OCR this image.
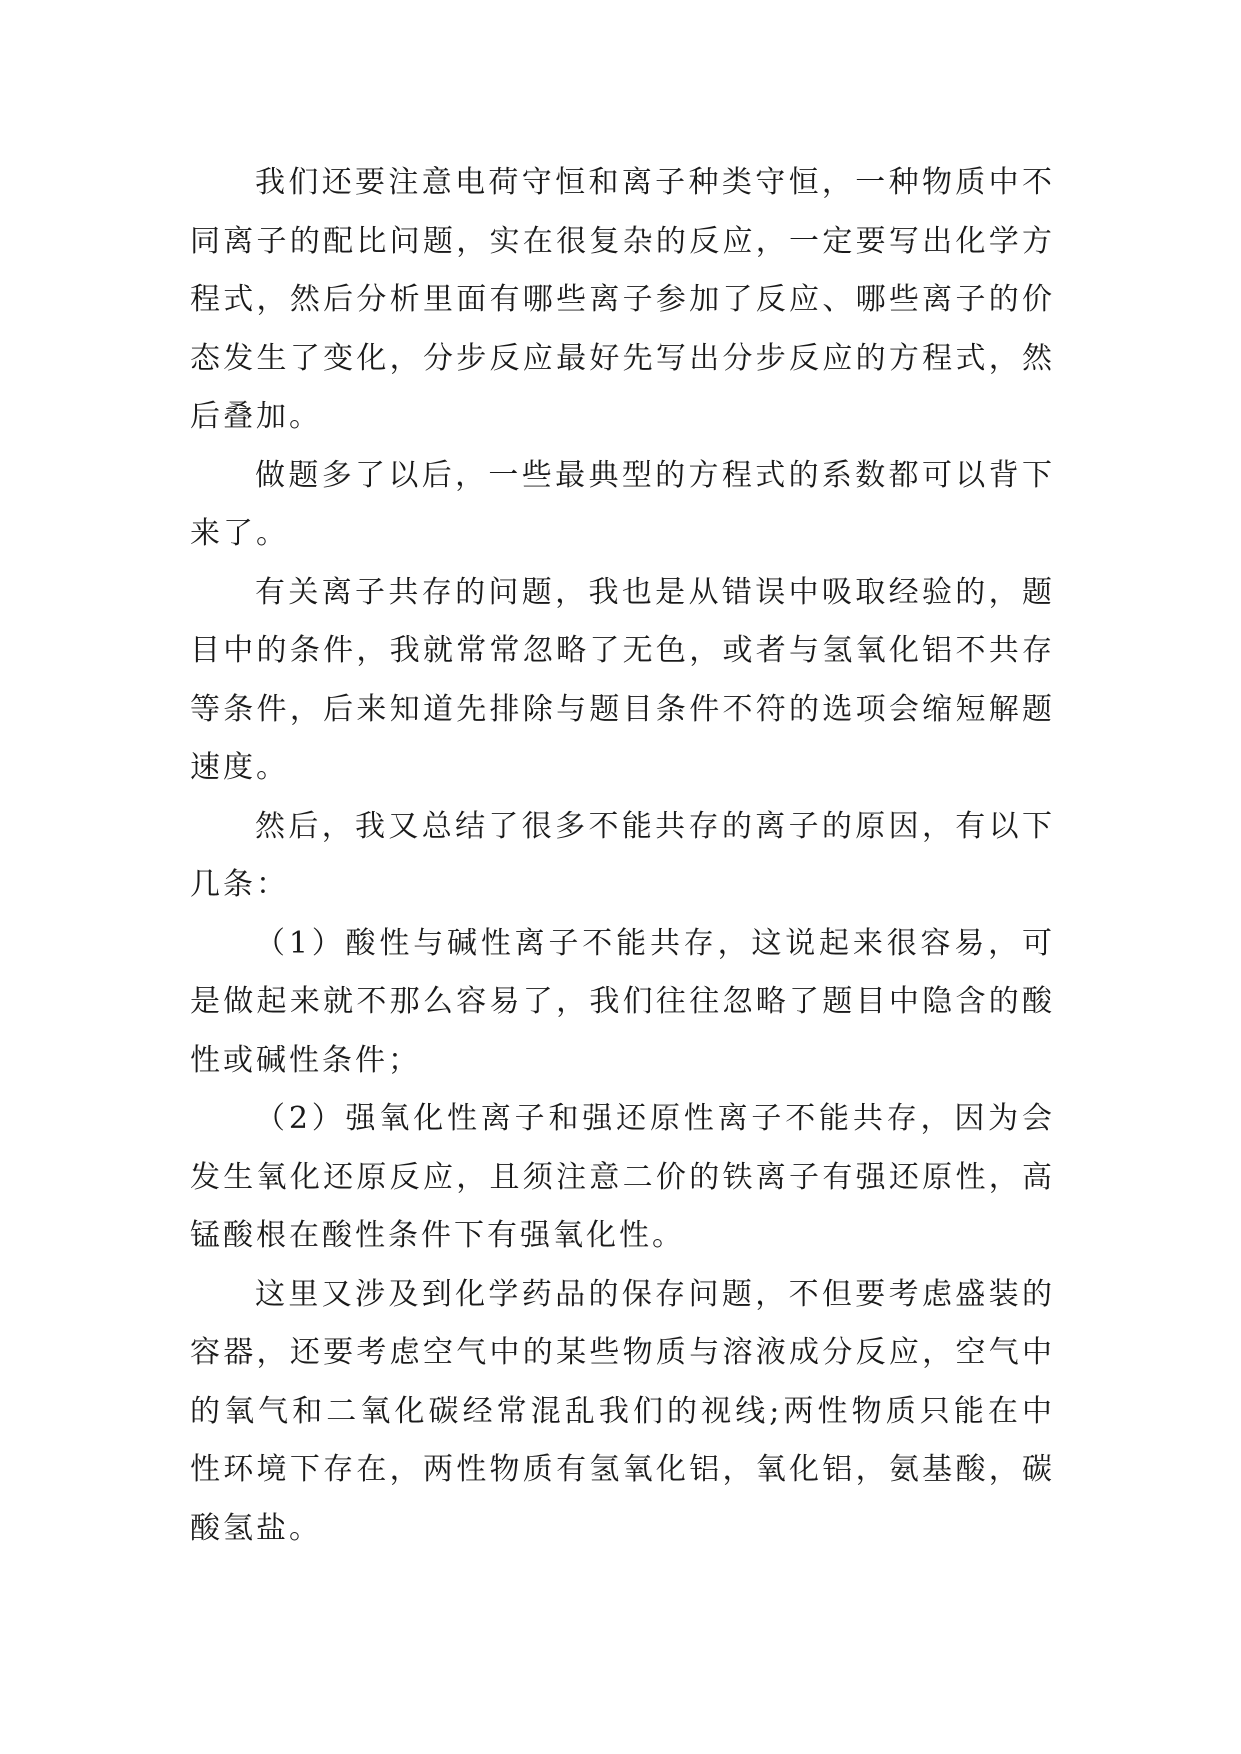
我们还要注意电荷守恒和离子种类守恒，一种物质中不同离子的配比问题，实在很复杂的反应，一定要写出化学方程式，然后分析里面有哪些离子参加了反应、哪些离子的价态发生了变化，分步反应最好先写出分步反应的方程式，然后叠加。

做题多了以后，一些最典型的方程式的系数都可以背下来了。

有关离子共存的问题，我也是从错误中吸取经验的，题目中的条件，我就常常忽略了无色，或者与氢氧化铝不共存等条件，后来知道先排除与题目条件不符的选项会缩短解题速度。

然后，我又总结了很多不能共存的离子的原因，有以下几条：

（1）酸性与碱性离子不能共存，这说起来很容易，可是做起来就不那么容易了，我们往往忽略了题目中隐含的酸性或碱性条件；

（2）强氧化性离子和强还原性离子不能共存，因为会发生氧化还原反应，且须注意二价的铁离子有强还原性，高锰酸根在酸性条件下有强氧化性。

这里又涉及到化学药品的保存问题，不但要考虑盛装的容器，还要考虑空气中的某些物质与溶液成分反应，空气中的氧气和二氧化碳经常混乱我们的视线;两性物质只能在中性环境下存在，两性物质有氢氧化铝，氧化铝，氨基酸，碳酸氢盐。
